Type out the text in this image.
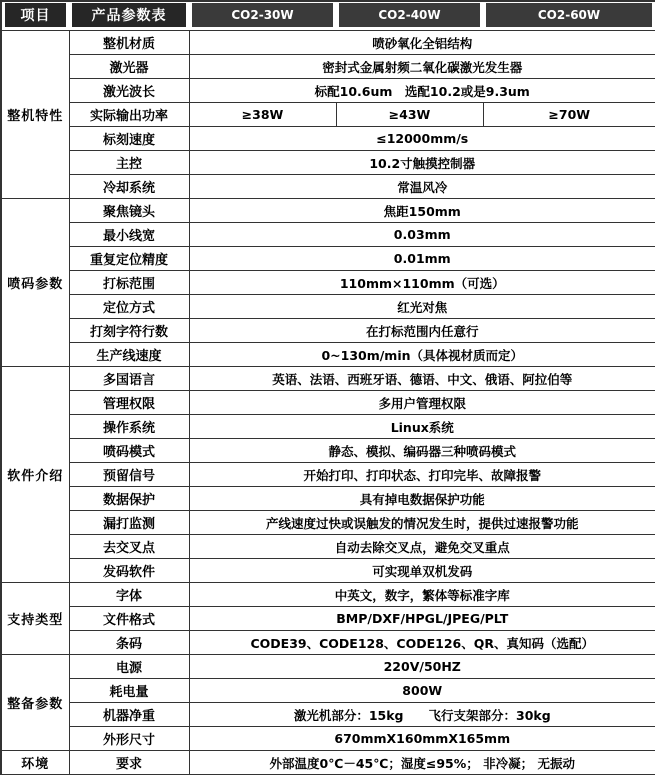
项目	产品参数表	CO2-30W	CO2-40W	CO2-60W

整机特性	整机材质	喷砂氧化全铝结构		
	激光器	密封式金属射频二氧化碳激光发生器		
	激光波长	标配10.6um　选配10.2或是9.3um		
	实际输出功率	≥38W	≥43W	≥70W
	标刻速度	≤12000mm/s		
	主控	10.2寸触摸控制器		
	冷却系统	常温风冷		
喷码参数	聚焦镜头	焦距150mm		
	最小线宽	0.03mm		
	重复定位精度	0.01mm		
	打标范围	110mm×110mm（可选）		
	定位方式	红光对焦		
	打刻字符行数	在打标范围内任意行		
	生产线速度	0~130m/min（具体视材质而定）		
软件介绍	多国语言	英语、法语、西班牙语、德语、中文、俄语、阿拉伯等		
	管理权限	多用户管理权限		
	操作系统	Linux系统		
	喷码模式	静态、模拟、编码器三种喷码模式		
	预留信号	开始打印、打印状态、打印完毕、故障报警		
	数据保护	具有掉电数据保护功能		
	漏打监测	产线速度过快或误触发的情况发生时，提供过速报警功能		
	去交叉点	自动去除交叉点，避免交叉重点		
	发码软件	可实现单双机发码		
支持类型	字体	中英文，数字，繁体等标准字库		
	文件格式	BMP/DXF/HPGL/JPEG/PLT		
	条码	CODE39、CODE128、CODE126、QR、真知码（选配）		
整备参数	电源	220V/50HZ		
	耗电量	800W		
	机器净重	激光机部分：15kg　　飞行支架部分：30kg		
	外形尺寸	670mmX160mmX165mm		
环境	要求	外部温度0℃－45℃；湿度≤95%； 非冷凝； 无振动		
